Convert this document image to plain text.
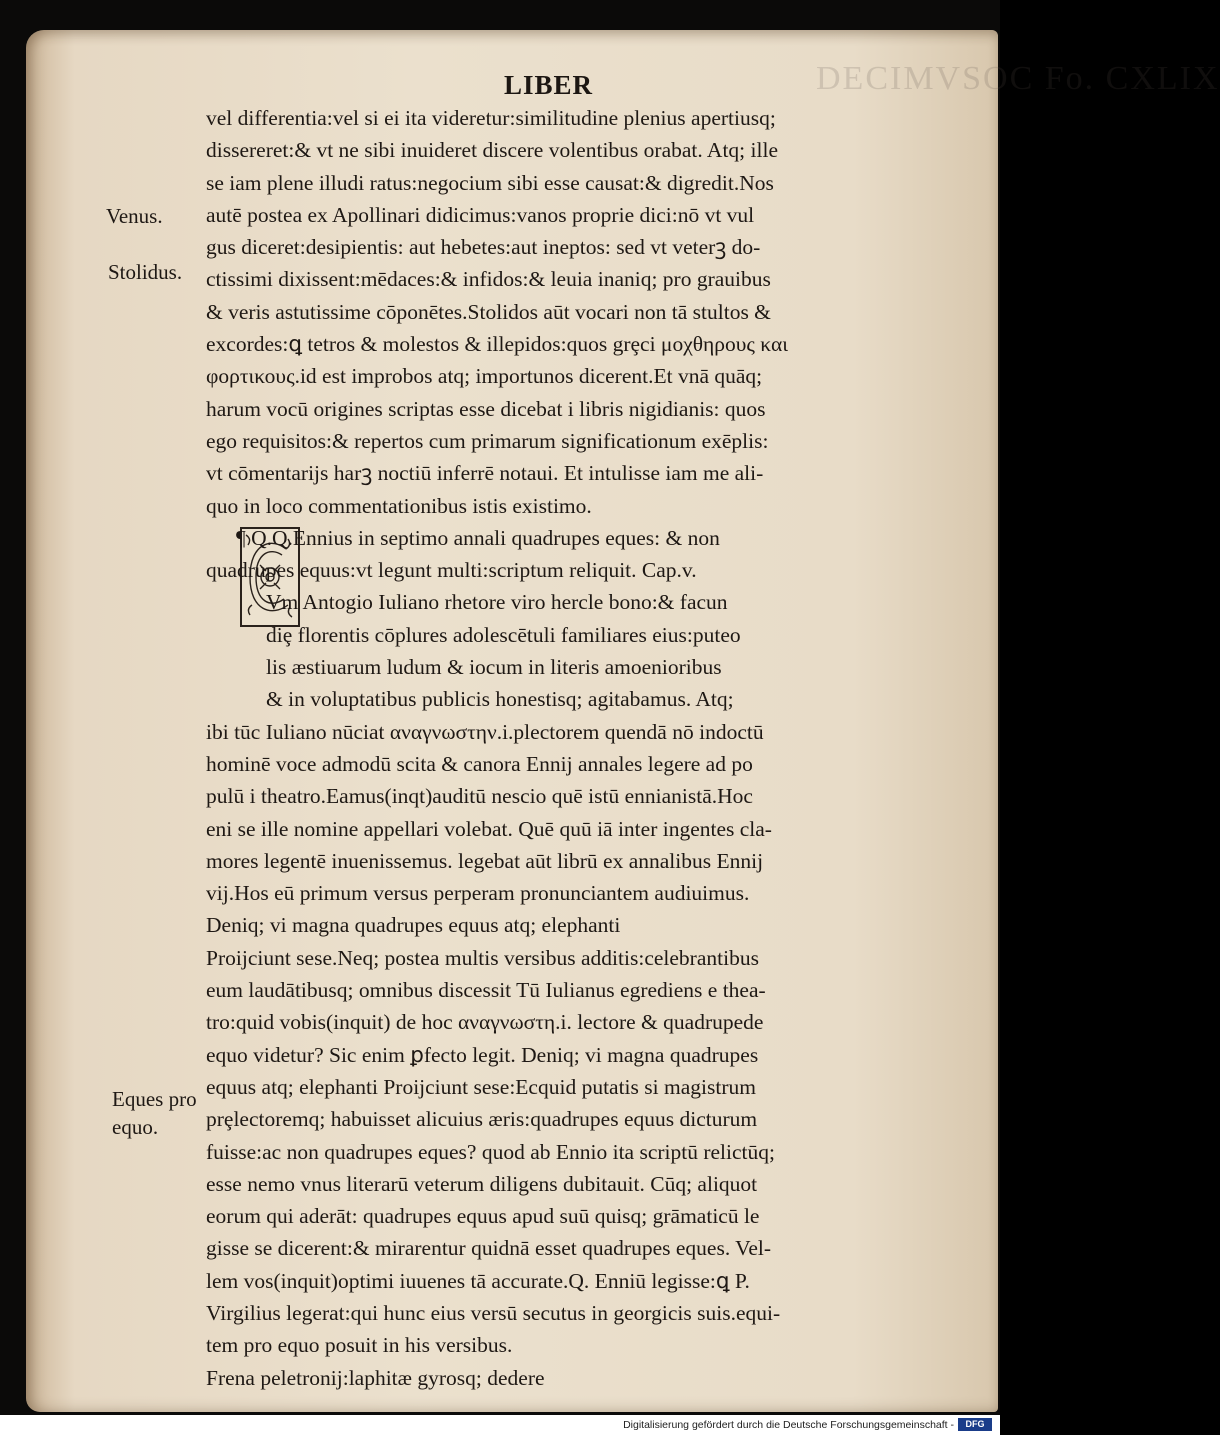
DECIMVSOC Fo. CXLIX
LIBER
Venus.
Stolidus.
Eques pro
equo.
vel differentia:vel si ei ita videretur:similitudine plenius apertiusq;
dissereret:& vt ne sibi inuideret discere volentibus orabat. Atq; ille
se iam plene illudi ratus:negocium sibi esse causat:& digredit.Nos
autē postea ex Apollinari didicimus:vanos proprie dici:nō vt vul
gus diceret:desipientis: aut hebetes:aut ineptos: sed vt veterꝫ do-
ctissimi dixissent:mēdaces:& infidos:& leuia inaniq; pro grauibus
& veris astutissime cōponētes.Stolidos aūt vocari non tā stultos &
excordes:ꝗ tetros & molestos & illepidos:quos grȩci μοχθηρους και
φορτικους.id est improbos atq; importunos dicerent.Et vnā quāq;
harum vocū origines scriptas esse dicebat i libris nigidianis: quos
ego requisitos:& repertos cum primarum significationum exēplis:
vt cōmentarijs harꝫ noctiū inferrē notaui. Et intulisse iam me ali-
quo in loco commentationibus istis existimo.
¶ Q.Q.Ennius in septimo annali quadrupes eques: & non
quadrupes equus:vt legunt multi:scriptum reliquit. Cap.v.
Vm Antogio Iuliano rhetore viro hercle bono:& facun
diȩ florentis cōplures adolescētuli familiares eius:puteo
lis æstiuarum ludum & iocum in literis amoenioribus
& in voluptatibus publicis honestisq; agitabamus. Atq;
ibi tūc Iuliano nūciat αναγνωστην.i.plectorem quendā nō indoctū
hominē voce admodū scita & canora Ennij annales legere ad po
pulū i theatro.Eamus(inqt)auditū nescio quē istū ennianistā.Hoc
eni se ille nomine appellari volebat. Quē quū iā inter ingentes cla-
mores legentē inuenissemus. legebat aūt librū ex annalibus Ennij
vij.Hos eū primum versus perperam pronunciantem audiuimus.
Deniq; vi magna quadrupes equus atq; elephanti
Proijciunt sese.Neq; postea multis versibus additis:celebrantibus
eum laudātibusq; omnibus discessit Tū Iulianus egrediens e thea-
tro:quid vobis(inquit) de hoc αναγνωστη.i. lectore & quadrupede
equo videtur? Sic enim ꝑfecto legit. Deniq; vi magna quadrupes
equus atq; elephanti Proijciunt sese:Ecquid putatis si magistrum
prȩlectoremq; habuisset alicuius æris:quadrupes equus dicturum
fuisse:ac non quadrupes eques? quod ab Ennio ita scriptū relictūq;
esse nemo vnus literarū veterum diligens dubitauit. Cūq; aliquot
eorum qui aderāt: quadrupes equus apud suū quisq; grāmaticū le
gisse se dicerent:& mirarentur quidnā esset quadrupes eques. Vel-
lem vos(inquit)optimi iuuenes tā accurate.Q. Enniū legisse:ꝗ P.
Virgilius legerat:qui hunc eius versū secutus in georgicis suis.equi-
tem pro equo posuit in his versibus.
Frena peletronij:laphitæ gyrosq; dedere
Digitalisierung gefördert durch die Deutsche Forschungsgemeinschaft -	DFG
